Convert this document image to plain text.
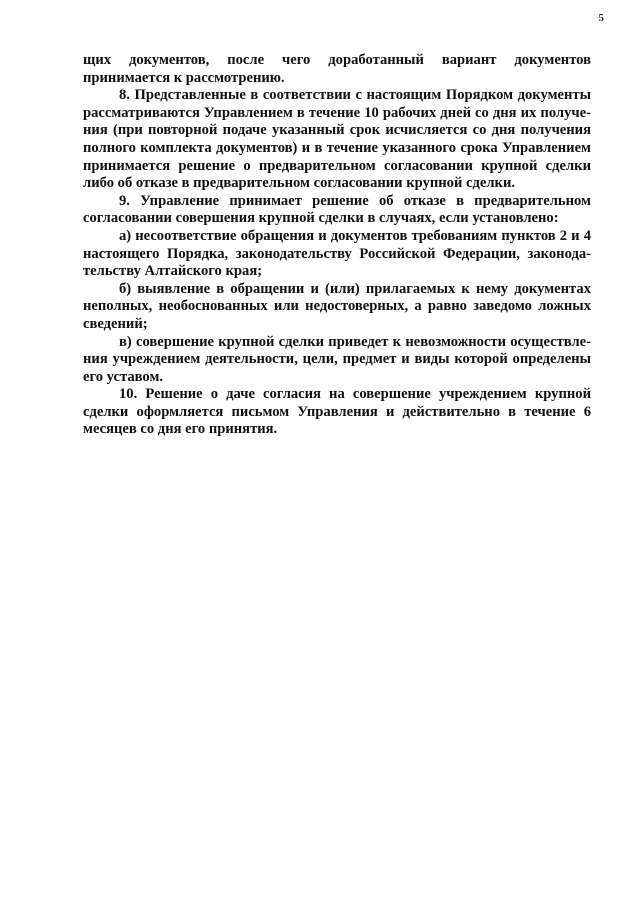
5

щих документов, после чего доработанный вариант документов принимается к рассмотрению.

8. Представленные в соответствии с настоящим Порядком документы рассматриваются Управлением в течение 10 рабочих дней со дня их получения (при повторной подаче указанный срок исчисляется со дня получения полного комплекта документов) и в течение указанного срока Управлением принимается решение о предварительном согласовании крупной сделки либо об отказе в предварительном согласовании крупной сделки.

9. Управление принимает решение об отказе в предварительном согласовании совершения крупной сделки в случаях, если установлено:

а) несоответствие обращения и документов требованиям пунктов 2 и 4 настоящего Порядка, законодательству Российской Федерации, законодательству Алтайского края;

б) выявление в обращении и (или) прилагаемых к нему документах неполных, необоснованных или недостоверных, а равно заведомо ложных сведений;

в) совершение крупной сделки приведет к невозможности осуществления учреждением деятельности, цели, предмет и виды которой определены его уставом.

10. Решение о даче согласия на совершение учреждением крупной сделки оформляется письмом Управления и действительно в течение 6 месяцев со дня его принятия.
